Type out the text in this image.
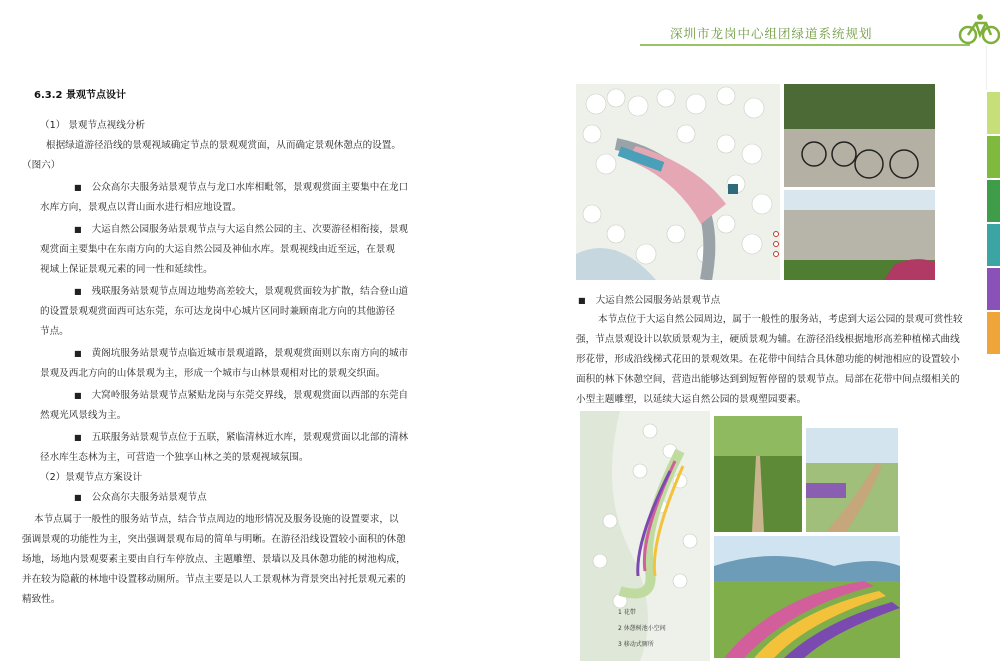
深圳市龙岗中心组团绿道系统规划
6.3.2 景观节点设计
（1） 景观节点视线分析
根据绿道游径沿线的景观视域确定节点的景观观赏面，从而确定景观休憩点的设置。
（图六）
■ 公众高尔夫服务站景观节点与龙口水库相毗邻，景观观赏面主要集中在龙口
水库方向，景观点以背山面水进行相应地设置。
■ 大运自然公园服务站景观节点与大运自然公园的主、次要游径相衔接，景观
观赏面主要集中在东南方向的大运自然公园及神仙水库。景观视线由近至远，在景观
视域上保证景观元素的同一性和延续性。
■ 残联服务站景观节点周边地势高差较大，景观观赏面较为扩散，结合登山道
的设置景观观赏面西可达东莞，东可达龙岗中心城片区同时兼顾南北方向的其他游径
节点。
■ 黄阁坑服务站景观节点临近城市景观道路，景观观赏面则以东南方向的城市
景观及西北方向的山体景观为主，形成一个城市与山林景观相对比的景观交织面。
■ 大窝岭服务站景观节点紧贴龙岗与东莞交界线，景观观赏面以西部的东莞自
然观光风景线为主。
■ 五联服务站景观节点位于五联，紧临清林近水库，景观观赏面以北部的清林
径水库生态林为主，可营造一个独享山林之美的景观视域氛围。
（2）景观节点方案设计
■ 公众高尔夫服务站景观节点
本节点属于一般性的服务站节点，结合节点周边的地形情况及服务设施的设置要求，以
强调景观的功能性为主，突出强调景观布局的简单与明晰。在游径沿线设置较小面积的休憩
场地，场地内景观要素主要由自行车停放点、主题雕塑、景墙以及具休憩功能的树池构成，
并在较为隐蔽的林地中设置移动厕所。节点主要是以人工景观林为背景突出衬托景观元素的
精致性。
■ 大运自然公园服务站景观节点
本节点位于大运自然公园周边，属于一般性的服务站，考虑到大运公园的景观可赏性较
强，节点景观设计以软质景观为主，硬质景观为辅。在游径沿线根据地形高差种植梯式曲线
形花带，形成沿线梯式花田的景观效果。在花带中间结合具休憩功能的树池相应的设置较小
面积的林下休憩空间，营造出能够达到到短暂停留的景观节点。局部在花带中间点缀相关的
小型主题雕塑，以延续大运自然公园的景观塑园要素。
1 花带
2 休憩树池小空间
3 移动式厕所
